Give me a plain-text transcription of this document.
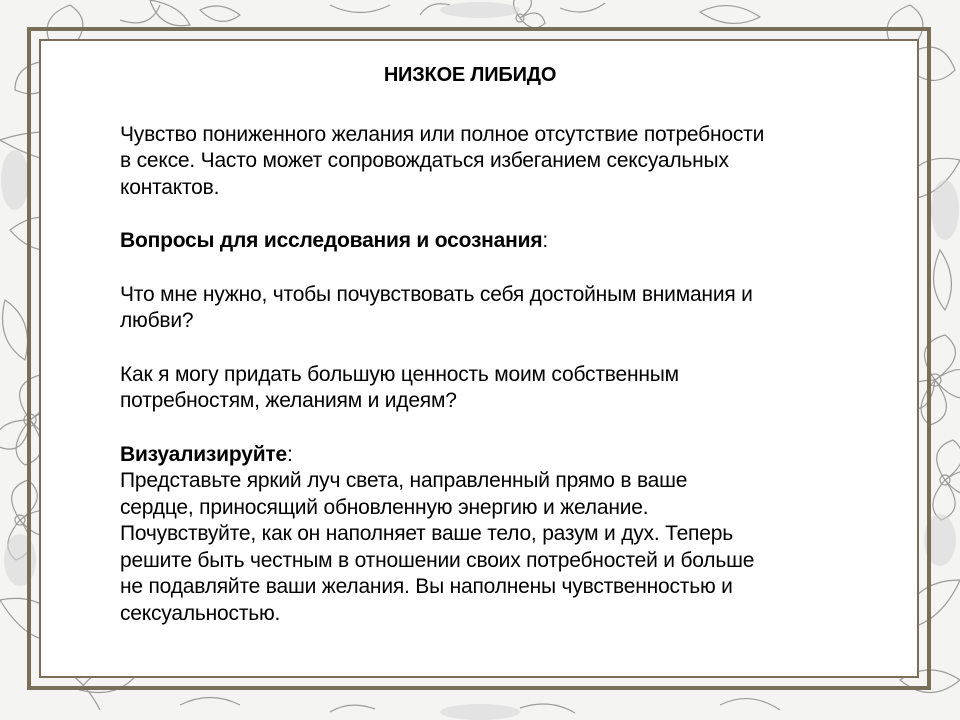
НИЗКОЕ ЛИБИДО
Чувство пониженного желания или полное отсутствие потребности
в сексе. Часто может сопровождаться избеганием сексуальных
контактов.
Вопросы для исследования и осознания:
Что мне нужно, чтобы почувствовать себя достойным внимания и
любви?
Как я могу придать большую ценность моим собственным
потребностям, желаниям и идеям?
Визуализируйте:
Представьте яркий луч света, направленный прямо в ваше
сердце, приносящий обновленную энергию и желание.
Почувствуйте, как он наполняет ваше тело, разум и дух. Теперь
решите быть честным в отношении своих потребностей и больше
не подавляйте ваши желания. Вы наполнены чувственностью и
сексуальностью.
